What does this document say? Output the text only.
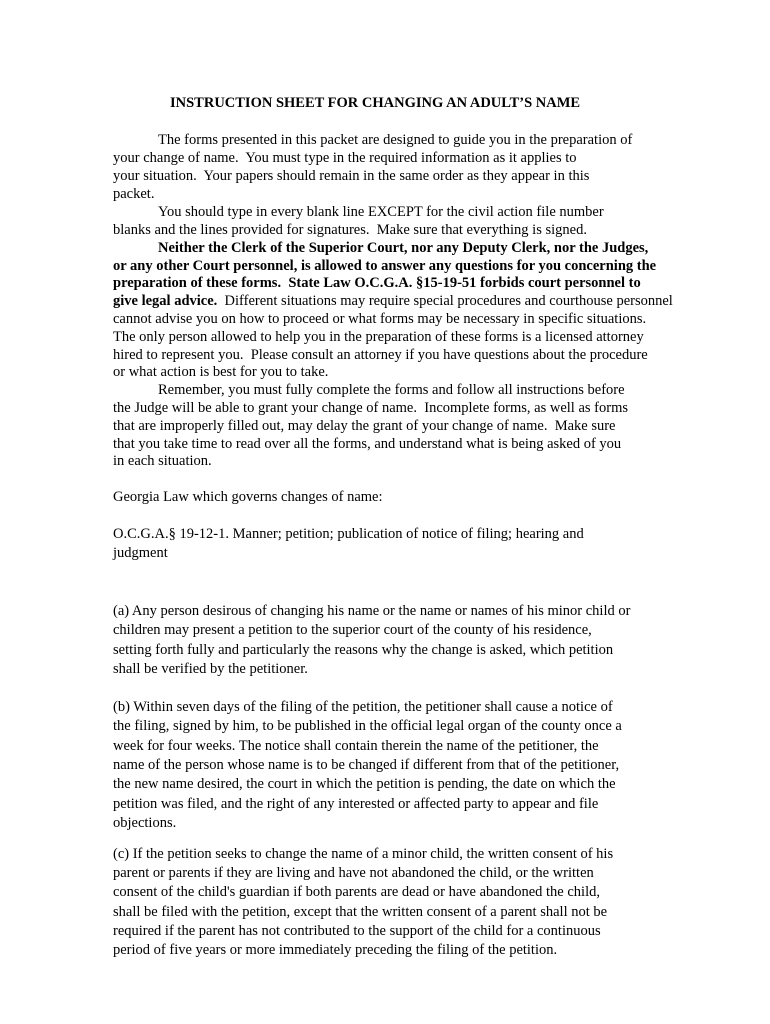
INSTRUCTION SHEET FOR CHANGING AN ADULT’S NAME

The forms presented in this packet are designed to guide you in the preparation of

your change of name.  You must type in the required information as it applies to

your situation.  Your papers should remain in the same order as they appear in this

packet.

You should type in every blank line EXCEPT for the civil action file number

blanks and the lines provided for signatures.  Make sure that everything is signed.

Neither the Clerk of the Superior Court, nor any Deputy Clerk, nor the Judges,

or any other Court personnel, is allowed to answer any questions for you concerning the

preparation of these forms.  State Law O.C.G.A. §15-19-51 forbids court personnel to

give legal advice.  Different situations may require special procedures and courthouse personnel

cannot advise you on how to proceed or what forms may be necessary in specific situations.

The only person allowed to help you in the preparation of these forms is a licensed attorney

hired to represent you.  Please consult an attorney if you have questions about the procedure

or what action is best for you to take.

Remember, you must fully complete the forms and follow all instructions before

the Judge will be able to grant your change of name.  Incomplete forms, as well as forms

that are improperly filled out, may delay the grant of your change of name.  Make sure

that you take time to read over all the forms, and understand what is being asked of you

in each situation.

Georgia Law which governs changes of name:

O.C.G.A.§ 19-12-1. Manner; petition; publication of notice of filing; hearing and

judgment

(a) Any person desirous of changing his name or the name or names of his minor child or

children may present a petition to the superior court of the county of his residence,

setting forth fully and particularly the reasons why the change is asked, which petition

shall be verified by the petitioner.

(b) Within seven days of the filing of the petition, the petitioner shall cause a notice of

the filing, signed by him, to be published in the official legal organ of the county once a

week for four weeks. The notice shall contain therein the name of the petitioner, the

name of the person whose name is to be changed if different from that of the petitioner,

the new name desired, the court in which the petition is pending, the date on which the

petition was filed, and the right of any interested or affected party to appear and file

objections.

(c) If the petition seeks to change the name of a minor child, the written consent of his

parent or parents if they are living and have not abandoned the child, or the written

consent of the child's guardian if both parents are dead or have abandoned the child,

shall be filed with the petition, except that the written consent of a parent shall not be

required if the parent has not contributed to the support of the child for a continuous

period of five years or more immediately preceding the filing of the petition.
